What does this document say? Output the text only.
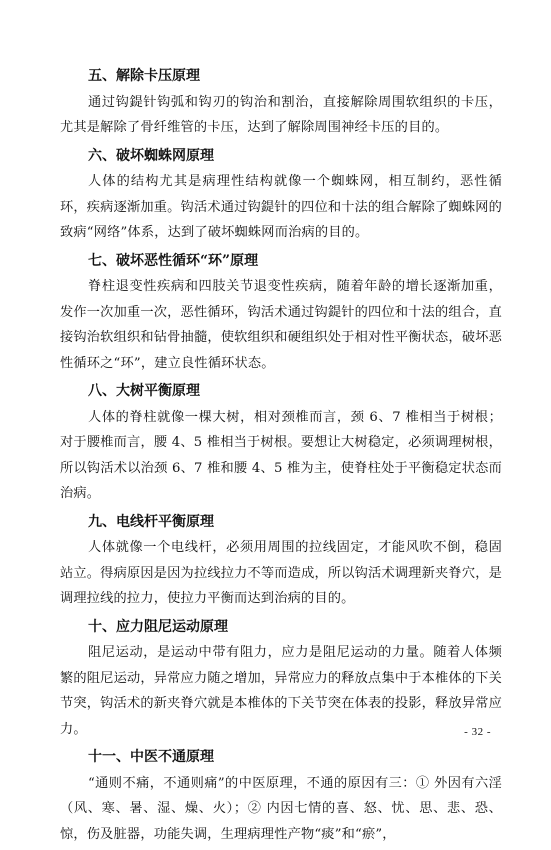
五、解除卡压原理

通过钩鍉针钩弧和钩刃的钩治和割治，直接解除周围软组织的卡压，尤其是解除了骨纤维管的卡压，达到了解除周围神经卡压的目的。

六、破坏蜘蛛网原理

人体的结构尤其是病理性结构就像一个蜘蛛网，相互制约，恶性循环，疾病逐渐加重。钩活术通过钩鍉针的四位和十法的组合解除了蜘蛛网的致病“网络”体系，达到了破坏蜘蛛网而治病的目的。

七、破坏恶性循环“环”原理

脊柱退变性疾病和四肢关节退变性疾病，随着年龄的增长逐渐加重，发作一次加重一次，恶性循环，钩活术通过钩鍉针的四位和十法的组合，直接钩治软组织和钻骨抽髓，使软组织和硬组织处于相对性平衡状态，破坏恶性循环之“环”，建立良性循环状态。

八、大树平衡原理

人体的脊柱就像一棵大树，相对颈椎而言，颈 6、7 椎相当于树根；对于腰椎而言，腰 4、5 椎相当于树根。要想让大树稳定，必须调理树根，所以钩活术以治颈 6、7 椎和腰 4、5 椎为主，使脊柱处于平衡稳定状态而治病。

九、电线杆平衡原理

人体就像一个电线杆，必须用周围的拉线固定，才能风吹不倒，稳固站立。得病原因是因为拉线拉力不等而造成，所以钩活术调理新夹脊穴，是调理拉线的拉力，使拉力平衡而达到治病的目的。

十、应力阻尼运动原理

阻尼运动，是运动中带有阻力，应力是阻尼运动的力量。随着人体频繁的阻尼运动，异常应力随之增加，异常应力的释放点集中于本椎体的下关节突，钩活术的新夹脊穴就是本椎体的下关节突在体表的投影，释放异常应力。

十一、中医不通原理

“通则不痛，不通则痛”的中医原理，不通的原因有三：① 外因有六淫（风、寒、暑、湿、燥、火）；② 内因七情的喜、怒、忧、思、悲、恐、惊，伤及脏器，功能失调，生理病理性产物“痰”和“瘀”，

- 32 -
